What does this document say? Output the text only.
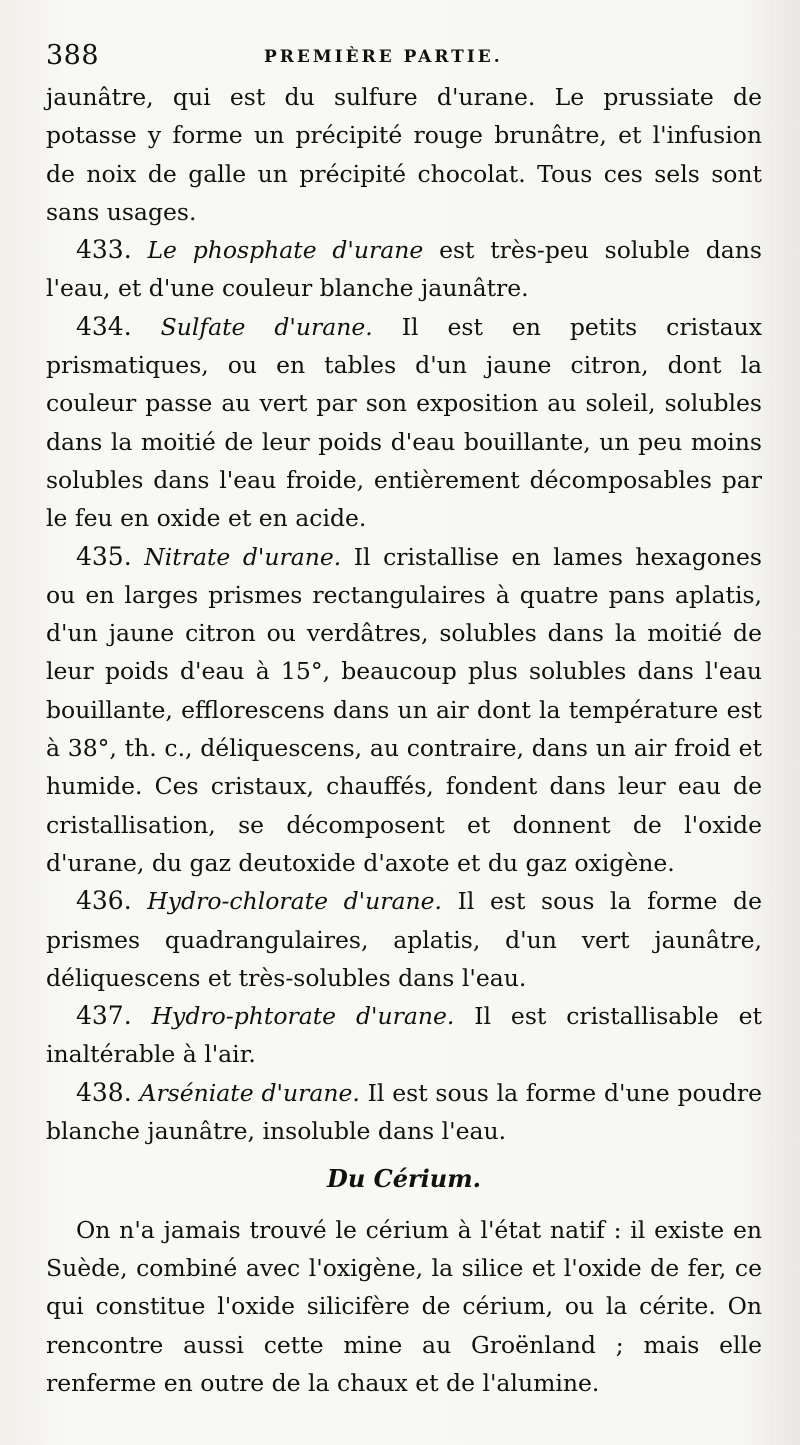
388	PREMIÈRE PARTIE.

jaunâtre, qui est du sulfure d'urane. Le prussiate de potasse y forme un précipité rouge brunâtre, et l'infusion de noix de galle un précipité chocolat. Tous ces sels sont sans usages.

433. Le phosphate d'urane est très-peu soluble dans l'eau, et d'une couleur blanche jaunâtre.

434. Sulfate d'urane. Il est en petits cristaux prismatiques, ou en tables d'un jaune citron, dont la couleur passe au vert par son exposition au soleil, solubles dans la moitié de leur poids d'eau bouillante, un peu moins solubles dans l'eau froide, entièrement décomposables par le feu en oxide et en acide.

435. Nitrate d'urane. Il cristallise en lames hexagones ou en larges prismes rectangulaires à quatre pans aplatis, d'un jaune citron ou verdâtres, solubles dans la moitié de leur poids d'eau à 15°, beaucoup plus solubles dans l'eau bouillante, efflorescens dans un air dont la température est à 38°, th. c., déliquescens, au contraire, dans un air froid et humide. Ces cristaux, chauffés, fondent dans leur eau de cristallisation, se décomposent et donnent de l'oxide d'urane, du gaz deutoxide d'axote et du gaz oxigène.

436. Hydro-chlorate d'urane. Il est sous la forme de prismes quadrangulaires, aplatis, d'un vert jaunâtre, déliquescens et très-solubles dans l'eau.

437. Hydro-phtorate d'urane. Il est cristallisable et inaltérable à l'air.

438. Arséniate d'urane. Il est sous la forme d'une poudre blanche jaunâtre, insoluble dans l'eau.

Du Cérium.

On n'a jamais trouvé le cérium à l'état natif : il existe en Suède, combiné avec l'oxigène, la silice et l'oxide de fer, ce qui constitue l'oxide silicifère de cérium, ou la cérite. On rencontre aussi cette mine au Groënland ; mais elle renferme en outre de la chaux et de l'alumine.
